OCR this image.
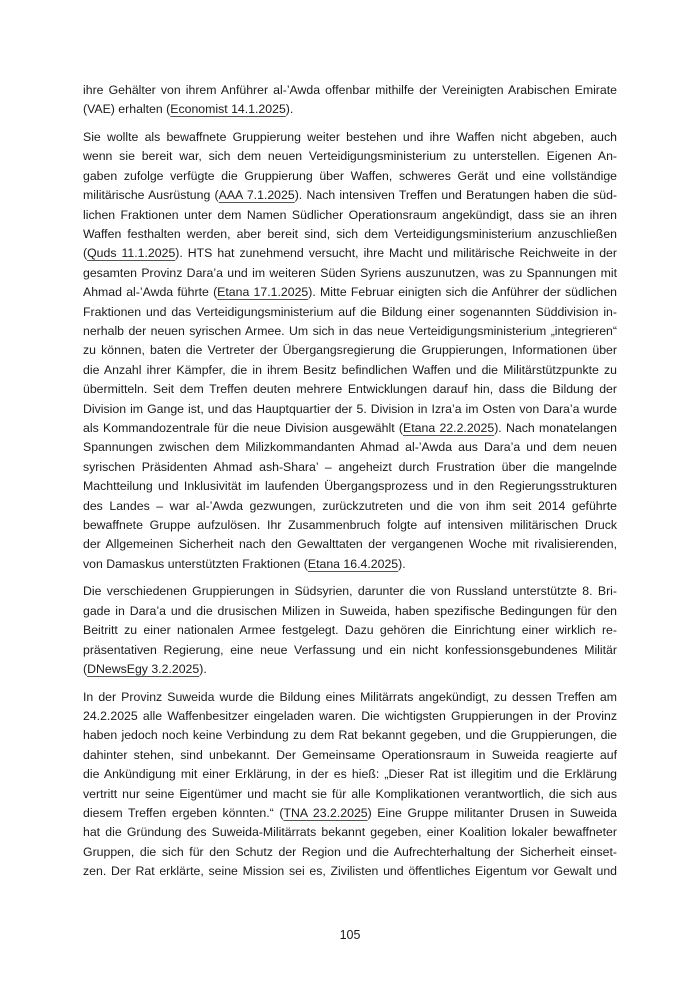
ihre Gehälter von ihrem Anführer al-’Awda offenbar mithilfe der Vereinigten Arabischen Emirate
(VAE) erhalten (Economist 14.1.2025).
Sie wollte als bewaffnete Gruppierung weiter bestehen und ihre Waffen nicht abgeben, auch
wenn sie bereit war, sich dem neuen Verteidigungsministerium zu unterstellen. Eigenen An-
gaben zufolge verfügte die Gruppierung über Waffen, schweres Gerät und eine vollständige
militärische Ausrüstung (AAA 7.1.2025). Nach intensiven Treffen und Beratungen haben die süd-
lichen Fraktionen unter dem Namen Südlicher Operationsraum angekündigt, dass sie an ihren
Waffen festhalten werden, aber bereit sind, sich dem Verteidigungsministerium anzuschließen
(Quds 11.1.2025). HTS hat zunehmend versucht, ihre Macht und militärische Reichweite in der
gesamten Provinz Dara’a und im weiteren Süden Syriens auszunutzen, was zu Spannungen mit
Ahmad al-’Awda führte (Etana 17.1.2025). Mitte Februar einigten sich die Anführer der südlichen
Fraktionen und das Verteidigungsministerium auf die Bildung einer sogenannten Süddivision in-
nerhalb der neuen syrischen Armee. Um sich in das neue Verteidigungsministerium „integrieren“
zu können, baten die Vertreter der Übergangsregierung die Gruppierungen, Informationen über
die Anzahl ihrer Kämpfer, die in ihrem Besitz befindlichen Waffen und die Militärstützpunkte zu
übermitteln. Seit dem Treffen deuten mehrere Entwicklungen darauf hin, dass die Bildung der
Division im Gange ist, und das Hauptquartier der 5. Division in Izra’a im Osten von Dara’a wurde
als Kommandozentrale für die neue Division ausgewählt (Etana 22.2.2025). Nach monatelangen
Spannungen zwischen dem Milizkommandanten Ahmad al-’Awda aus Dara’a und dem neuen
syrischen Präsidenten Ahmad ash-Shara’ – angeheizt durch Frustration über die mangelnde
Machtteilung und Inklusivität im laufenden Übergangsprozess und in den Regierungsstrukturen
des Landes – war al-’Awda gezwungen, zurückzutreten und die von ihm seit 2014 geführte
bewaffnete Gruppe aufzulösen. Ihr Zusammenbruch folgte auf intensiven militärischen Druck
der Allgemeinen Sicherheit nach den Gewalttaten der vergangenen Woche mit rivalisierenden,
von Damaskus unterstützten Fraktionen (Etana 16.4.2025).
Die verschiedenen Gruppierungen in Südsyrien, darunter die von Russland unterstützte 8. Bri-
gade in Dara’a und die drusischen Milizen in Suweida, haben spezifische Bedingungen für den
Beitritt zu einer nationalen Armee festgelegt. Dazu gehören die Einrichtung einer wirklich re-
präsentativen Regierung, eine neue Verfassung und ein nicht konfessionsgebundenes Militär
(DNewsEgy 3.2.2025).
In der Provinz Suweida wurde die Bildung eines Militärrats angekündigt, zu dessen Treffen am
24.2.2025 alle Waffenbesitzer eingeladen waren. Die wichtigsten Gruppierungen in der Provinz
haben jedoch noch keine Verbindung zu dem Rat bekannt gegeben, und die Gruppierungen, die
dahinter stehen, sind unbekannt. Der Gemeinsame Operationsraum in Suweida reagierte auf
die Ankündigung mit einer Erklärung, in der es hieß: „Dieser Rat ist illegitim und die Erklärung
vertritt nur seine Eigentümer und macht sie für alle Komplikationen verantwortlich, die sich aus
diesem Treffen ergeben könnten.“ (TNA 23.2.2025) Eine Gruppe militanter Drusen in Suweida
hat die Gründung des Suweida-Militärrats bekannt gegeben, einer Koalition lokaler bewaffneter
Gruppen, die sich für den Schutz der Region und die Aufrechterhaltung der Sicherheit einset-
zen. Der Rat erklärte, seine Mission sei es, Zivilisten und öffentliches Eigentum vor Gewalt und
105
